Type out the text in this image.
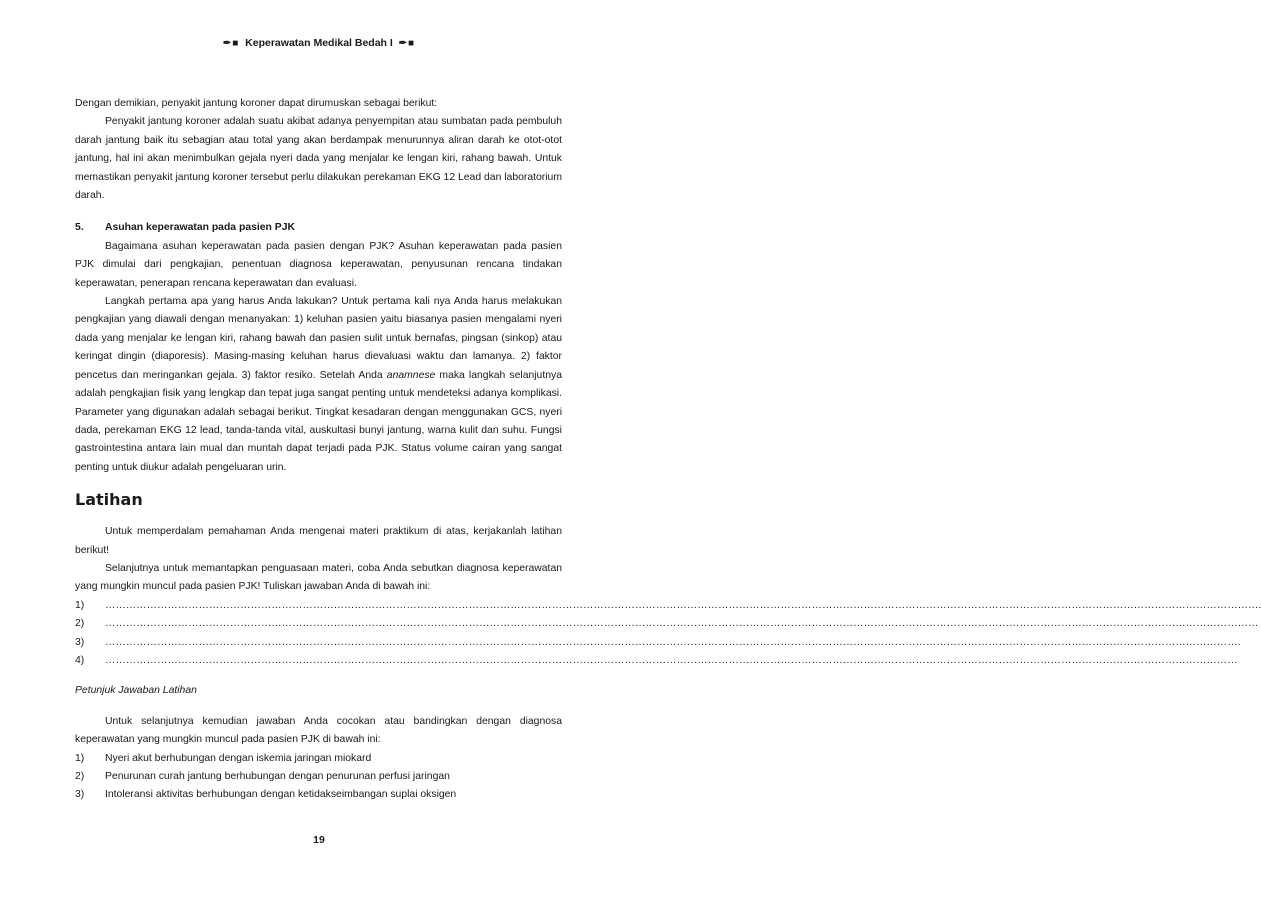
✒■ Keperawatan Medikal Bedah I ✒■

Dengan demikian, penyakit jantung koroner dapat dirumuskan sebagai berikut:

Penyakit jantung koroner adalah suatu akibat adanya penyempitan atau sumbatan pada pembuluh darah jantung baik itu sebagian atau total yang akan berdampak menurunnya aliran darah ke otot-otot jantung, hal ini akan menimbulkan gejala nyeri dada yang menjalar ke lengan kiri, rahang bawah. Untuk memastikan penyakit jantung koroner tersebut perlu dilakukan perekaman EKG 12 Lead dan laboratorium darah.

5.	Asuhan keperawatan pada pasien PJK

Bagaimana asuhan keperawatan pada pasien dengan PJK? Asuhan keperawatan pada pasien PJK dimulai dari pengkajian, penentuan diagnosa keperawatan, penyusunan rencana tindakan keperawatan, penerapan rencana keperawatan dan evaluasi.

Langkah pertama apa yang harus Anda lakukan? Untuk pertama kali nya Anda harus melakukan pengkajian yang diawali dengan menanyakan: 1) keluhan pasien yaitu biasanya pasien mengalami nyeri dada yang menjalar ke lengan kiri, rahang bawah dan pasien sulit untuk bernafas, pingsan (sinkop) atau keringat dingin (diaporesis). Masing-masing keluhan harus dievaluasi waktu dan lamanya. 2) faktor pencetus dan meringankan gejala. 3) faktor resiko. Setelah Anda anamnese maka langkah selanjutnya adalah pengkajian fisik yang lengkap dan tepat juga sangat penting untuk mendeteksi adanya komplikasi. Parameter yang digunakan adalah sebagai berikut. Tingkat kesadaran dengan menggunakan GCS, nyeri dada, perekaman EKG 12 lead, tanda-tanda vital, auskultasi bunyi jantung, warna kulit dan suhu. Fungsi gastrointestina antara lain mual dan muntah dapat terjadi pada PJK. Status volume cairan yang sangat penting untuk diukur adalah pengeluaran urin.

Latihan

Untuk memperdalam pemahaman Anda mengenai materi praktikum di atas, kerjakanlah latihan berikut!

Selanjutnya untuk memantapkan penguasaan materi, coba Anda sebutkan diagnosa keperawatan yang mungkin muncul pada pasien PJK! Tuliskan jawaban Anda di bawah ini:

1)	……………………………………………………………………………………………………………………………………………………………………………………………………………………………………………………………………………………………………….
2)	………………………………………………………………………………………………………………………………………………………………………………………………………………………………………………………………………………………………………
3)	………………………………………………………………………………………………………………………………………………………………………………………………………………………………………………………………………………………………….
4)	…………………………………………………………………………………………………………………………………………………………………………………………………………………………………………………………………………………………………

Petunjuk Jawaban Latihan

Untuk selanjutnya kemudian jawaban Anda cocokan atau bandingkan dengan diagnosa keperawatan yang mungkin muncul pada pasien PJK di bawah ini:

1)	Nyeri akut berhubungan dengan iskemia jaringan miokard
2)	Penurunan curah jantung berhubungan dengan penurunan perfusi jaringan
3)	Intoleransi aktivitas berhubungan dengan ketidakseimbangan suplai oksigen
19
